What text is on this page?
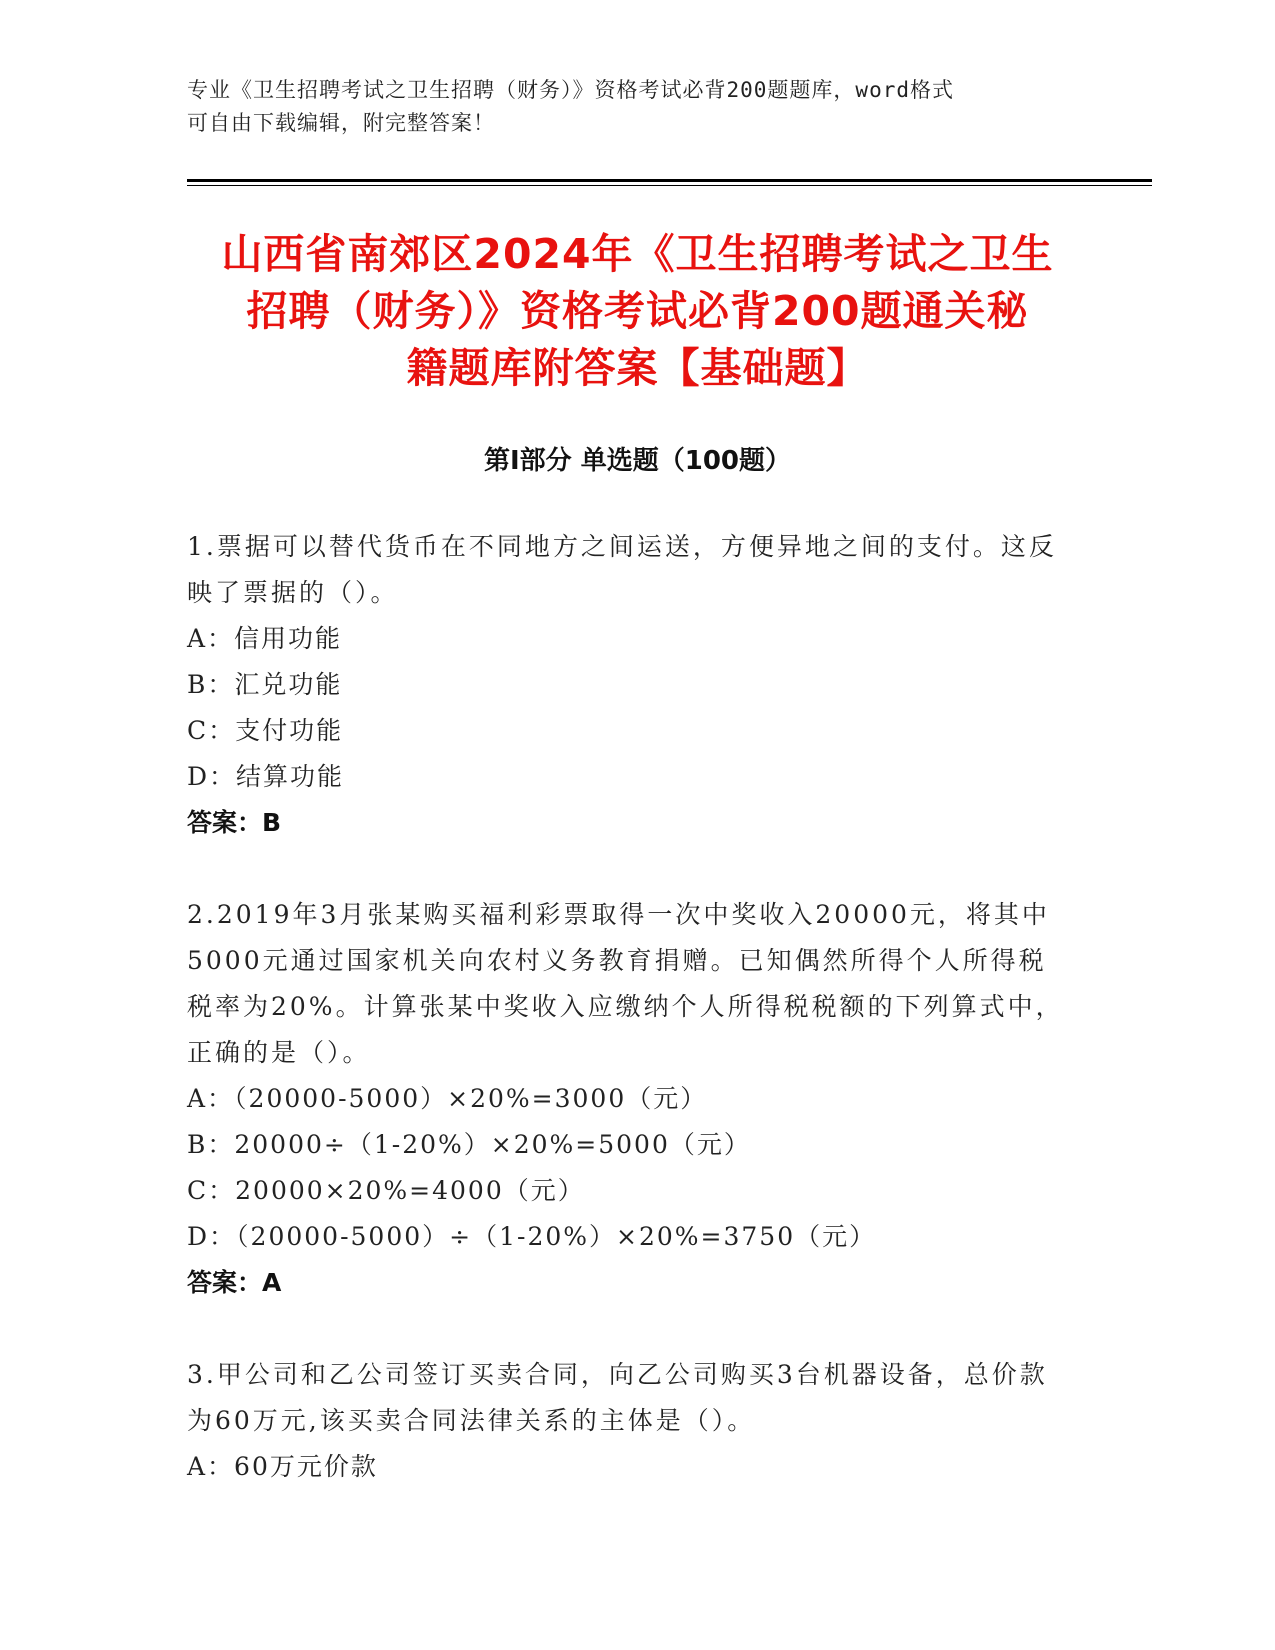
专业《卫生招聘考试之卫生招聘（财务）》资格考试必背200题题库，word格式
可自由下载编辑，附完整答案！
山西省南郊区2024年《卫生招聘考试之卫生
招聘（财务）》资格考试必背200题通关秘
籍题库附答案【基础题】
第I部分 单选题（100题）

1.票据可以替代货币在不同地方之间运送，方便异地之间的支付。这反映了票据的（）。

A：信用功能

B：汇兑功能

C：支付功能

D：结算功能

答案：B

2.2019年3月张某购买福利彩票取得一次中奖收入20000元，将其中5000元通过国家机关向农村义务教育捐赠。已知偶然所得个人所得税税率为20%。计算张某中奖收入应缴纳个人所得税税额的下列算式中，正确的是（）。

A：（20000-5000）×20%=3000（元）

B：20000÷（1-20%）×20%=5000（元）

C：20000×20%=4000（元）

D：（20000-5000）÷（1-20%）×20%=3750（元）

答案：A

3.甲公司和乙公司签订买卖合同，向乙公司购买3台机器设备，总价款为60万元,该买卖合同法律关系的主体是（）。

A：60万元价款
